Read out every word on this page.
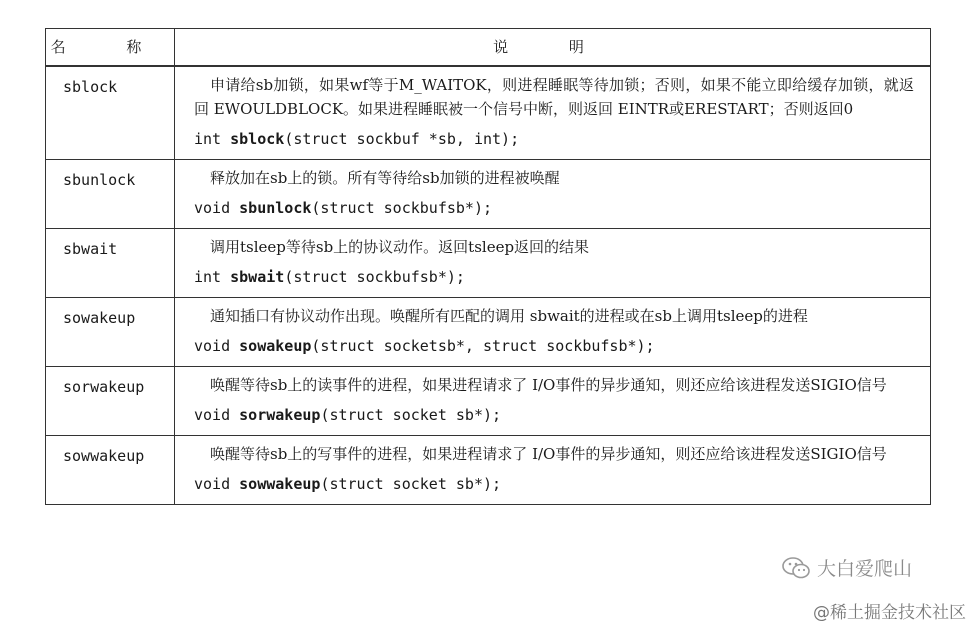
名 称	说 明
sblock	申请给sb加锁，如果wf等于M_WAITOK，则进程睡眠等待加锁；否则，如果不能立即给缓存加锁，就返回 EWOULDBLOCK。如果进程睡眠被一个信号中断，则返回 EINTR或ERESTART；否则返回0
int sblock(struct sockbuf *sb, int);

sbunlock	释放加在sb上的锁。所有等待给sb加锁的进程被唤醒
void sbunlock(struct sockbufsb*);

sbwait	调用tsleep等待sb上的协议动作。返回tsleep返回的结果
int sbwait(struct sockbufsb*);

sowakeup	通知插口有协议动作出现。唤醒所有匹配的调用 sbwait的进程或在sb上调用tsleep的进程
void sowakeup(struct socketsb*, struct sockbufsb*);

sorwakeup	唤醒等待sb上的读事件的进程，如果进程请求了 I/O事件的异步通知，则还应给该进程发送SIGIO信号
void sorwakeup(struct socket sb*);

sowwakeup	唤醒等待sb上的写事件的进程，如果进程请求了 I/O事件的异步通知，则还应给该进程发送SIGIO信号
void sowwakeup(struct socket sb*);
大白爱爬山
@稀土掘金技术社区
